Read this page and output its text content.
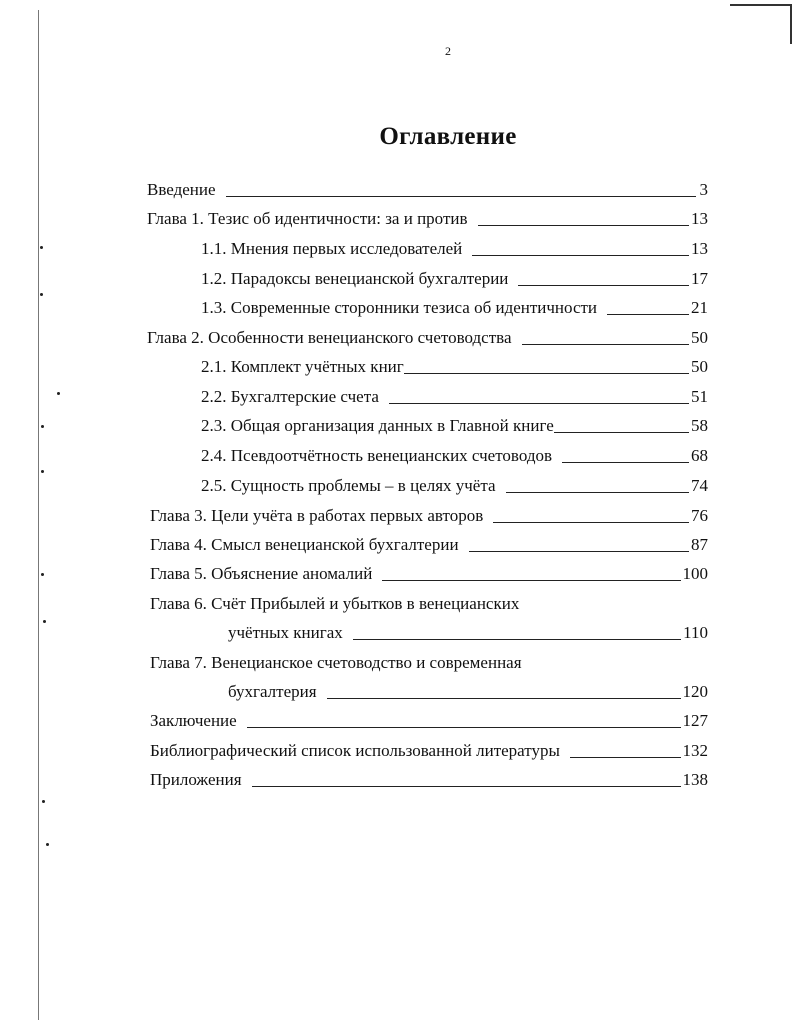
2
Оглавление
Введение	3
Глава 1. Тезис об идентичности: за и против	13
1.1. Мнения первых исследователей	13
1.2. Парадоксы венецианской бухгалтерии	17
1.3. Современные сторонники тезиса об идентичности	21
Глава 2. Особенности венецианского счетоводства	50
2.1. Комплект учётных книг	50
2.2. Бухгалтерские счета	51
2.3. Общая организация данных в Главной книге	58
2.4. Псевдоотчётность венецианских счетоводов	68
2.5. Сущность проблемы – в целях учёта	74
Глава 3. Цели учёта в работах первых авторов	76
Глава 4. Смысл венецианской бухгалтерии	87
Глава 5. Объяснение аномалий	100
Глава 6. Счёт Прибылей и убытков в венецианских
учётных книгах	110
Глава 7. Венецианское счетоводство и современная
бухгалтерия	120
Заключение	127
Библиографический список использованной литературы	132
Приложения	138
